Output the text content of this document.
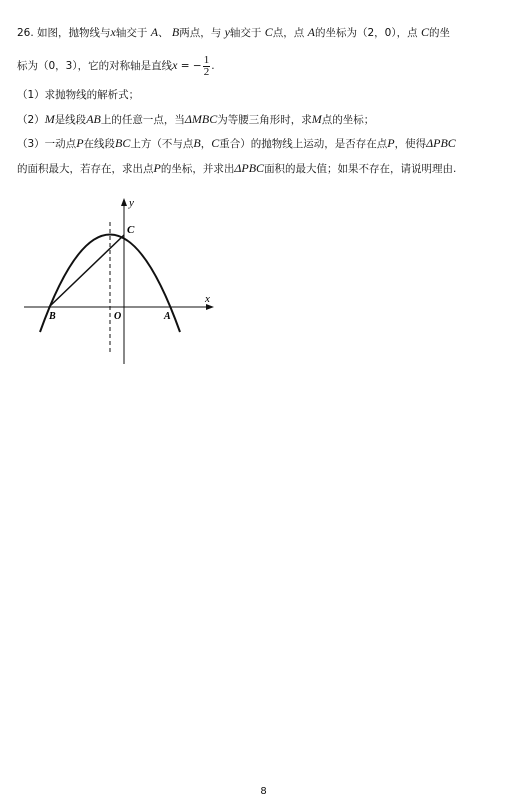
26. 如图，抛物线与x轴交于 A、 B两点，与 y轴交于 C点，点 A的坐标为（2，0），点 C的坐
标为（0，3），它的对称轴是直线x = − $\frac{1}{2}$ .
（1）求抛物线的解析式；
（2）M是线段AB上的任意一点，当ΔMBC为等腰三角形时，求M点的坐标；
（3）一动点P在线段BC上方（不与点B，C重合）的抛物线上运动，是否存在点P，使得ΔPBC
的面积最大，若存在，求出点P的坐标，并求出ΔPBC面积的最大值；如果不存在，请说明理由.
y
x
C
B	O	A
8
